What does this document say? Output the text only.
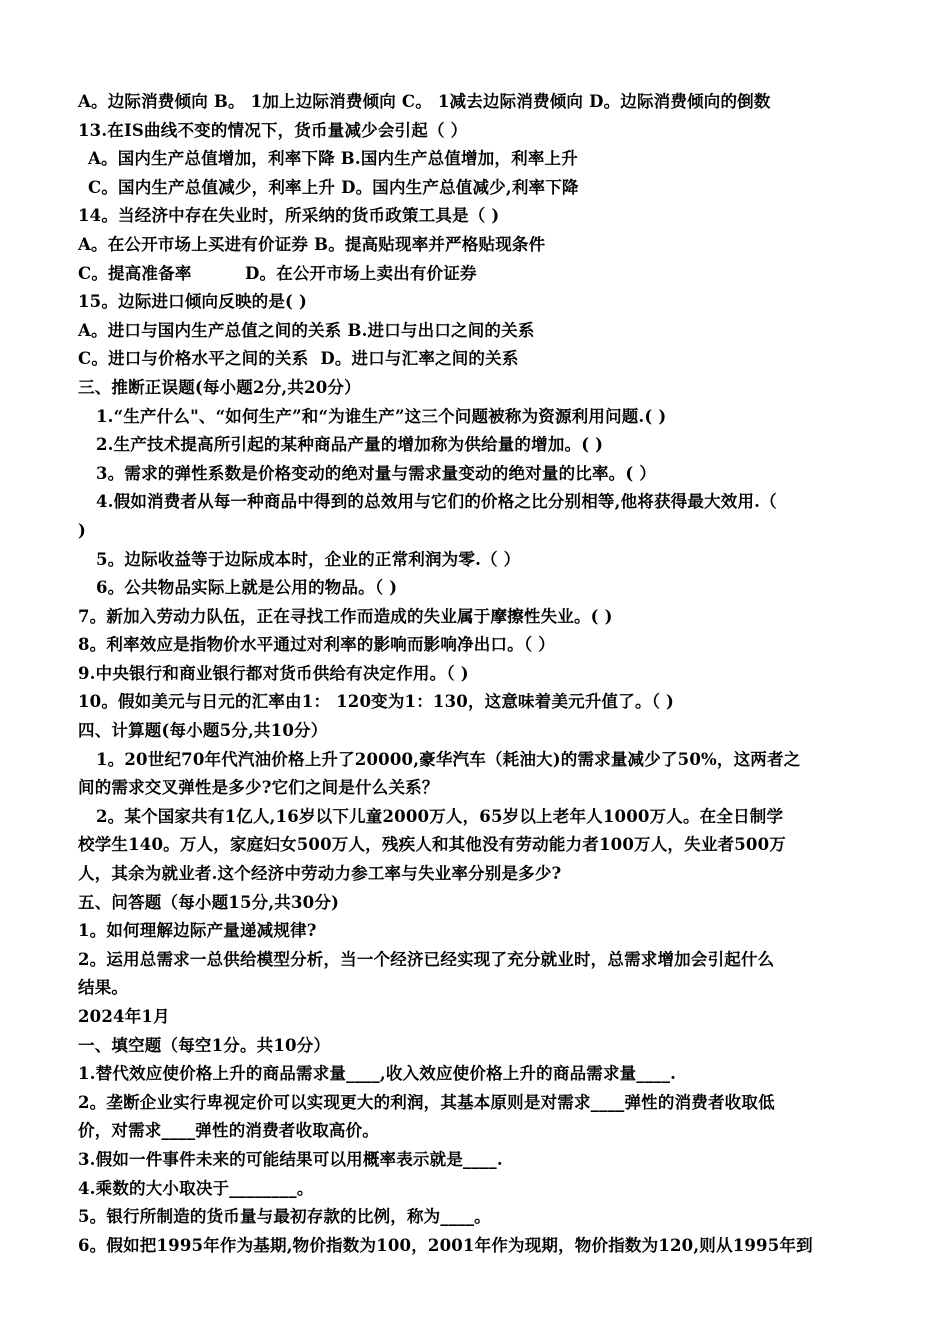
A。边际消费倾向 B。 1加上边际消费倾向 C。 1减去边际消费倾向 D。边际消费倾向的倒数
13.在IS曲线不变的情况下，货币量减少会引起（ ）
A。国内生产总值增加，利率下降 B.国内生产总值增加，利率上升
C。国内生产总值减少，利率上升 D。国内生产总值减少,利率下降
14。当经济中存在失业时，所采纳的货币政策工具是（ )
A。在公开市场上买进有价证券 B。提高贴现率并严格贴现条件
C。提高准备率         D。在公开市场上卖出有价证券
15。边际进口倾向反映的是( )
A。进口与国内生产总值之间的关系 B.进口与出口之间的关系
C。进口与价格水平之间的关系  D。进口与汇率之间的关系
三、推断正误题(每小题2分,共20分）
1.“生产什么"、“如何生产”和“为谁生产”这三个问题被称为资源利用问题.( )
2.生产技术提高所引起的某种商品产量的增加称为供给量的增加。( )
3。需求的弹性系数是价格变动的绝对量与需求量变动的绝对量的比率。( ）
4.假如消费者从每一种商品中得到的总效用与它们的价格之比分别相等,他将获得最大效用.（
)
5。边际收益等于边际成本时，企业的正常利润为零.（ ）
6。公共物品实际上就是公用的物品。（ )
7。新加入劳动力队伍，正在寻找工作而造成的失业属于摩擦性失业。( )
8。利率效应是指物价水平通过对利率的影响而影响净出口。（ ）
9.中央银行和商业银行都对货币供给有决定作用。（ )
10。假如美元与日元的汇率由1： 120变为1：130，这意味着美元升值了。（ )
四、计算题(每小题5分,共10分）
1。20世纪70年代汽油价格上升了20000,豪华汽车（耗油大)的需求量减少了50%，这两者之
间的需求交叉弹性是多少?它们之间是什么关系？
2。某个国家共有1亿人,16岁以下儿童2000万人，65岁以上老年人1000万人。在全日制学
校学生140。万人，家庭妇女500万人，残疾人和其他没有劳动能力者100万人，失业者500万
人，其余为就业者.这个经济中劳动力参工率与失业率分别是多少?
五、问答题（每小题15分,共30分)
1。如何理解边际产量递减规律?
2。运用总需求一总供给模型分析，当一个经济已经实现了充分就业时，总需求增加会引起什么
结果。
2024年1月
一、填空题（每空1分。共10分）
1.替代效应使价格上升的商品需求量____,收入效应使价格上升的商品需求量____.
2。垄断企业实行卑视定价可以实现更大的利润，其基本原则是对需求____弹性的消费者收取低
价，对需求____弹性的消费者收取高价。
3.假如一件事件未来的可能结果可以用概率表示就是____.
4.乘数的大小取决于________。
5。银行所制造的货币量与最初存款的比例，称为____。
6。假如把1995年作为基期,物价指数为100，2001年作为现期，物价指数为120,则从1995年到
